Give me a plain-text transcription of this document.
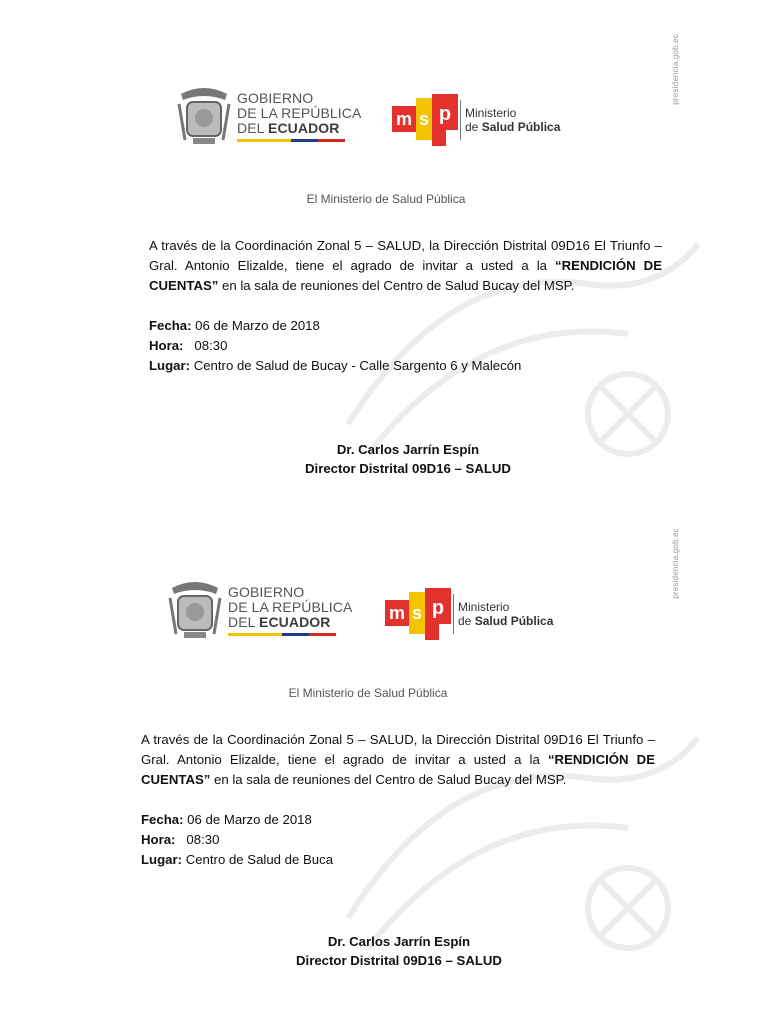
presidencia.gob.ec
GOBIERNO
DE LA REPÚBLICA
DEL ECUADOR	m s p Ministerio
de Salud Pública
El Ministerio de Salud Pública

A través de la Coordinación Zonal 5 – SALUD, la Dirección Distrital 09D16 El Triunfo – Gral. Antonio Elizalde, tiene el agrado de invitar a usted a la “RENDICIÓN DE CUENTAS” en la sala de reuniones del Centro de Salud Bucay del MSP.

Fecha: 06 de Marzo de 2018
Hora:   08:30
Lugar: Centro de Salud de Bucay - Calle Sargento 6 y Malecón
Dr. Carlos Jarrín Espín
Director Distrital 09D16 – SALUD
presidencia.gob.ec
GOBIERNO
DE LA REPÚBLICA
DEL ECUADOR	m s p Ministerio
de Salud Pública
El Ministerio de Salud Pública

A través de la Coordinación Zonal 5 – SALUD, la Dirección Distrital 09D16 El Triunfo – Gral. Antonio Elizalde, tiene el agrado de invitar a usted a la “RENDICIÓN DE CUENTAS” en la sala de reuniones del Centro de Salud Bucay del MSP.

Fecha: 06 de Marzo de 2018
Hora:   08:30
Lugar: Centro de Salud de Buca
Dr. Carlos Jarrín Espín
Director Distrital 09D16 – SALUD
